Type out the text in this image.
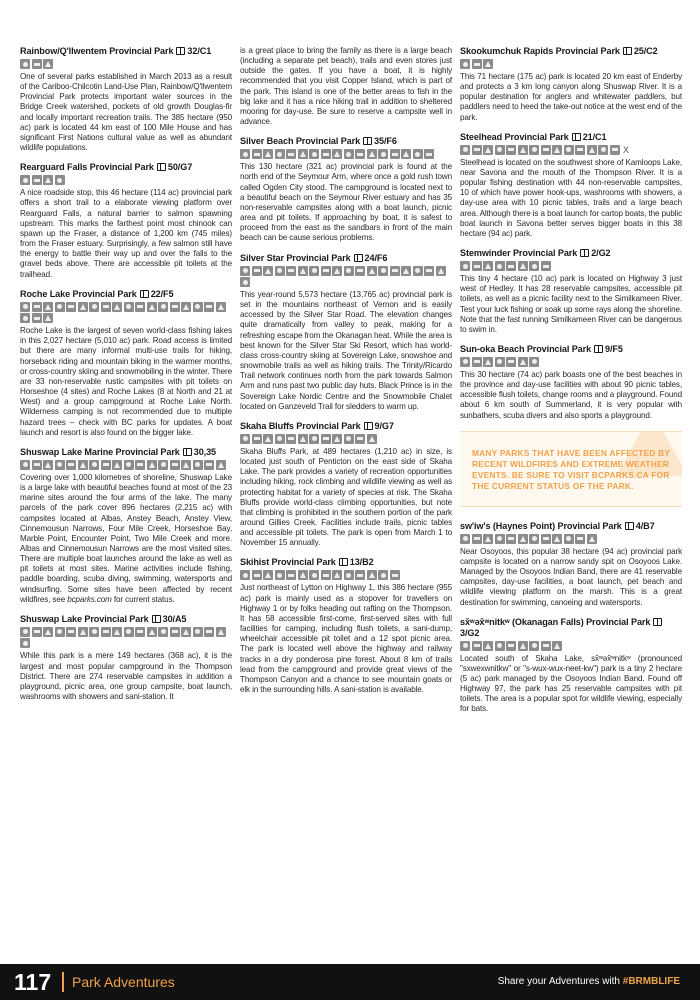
Rainbow/Q'llwentem Provincial Park 32/C1

One of several parks established in March 2013 as a result of the Cariboo-Chilcotin Land-Use Plan, Rainbow/Q'llwentem Provincial Park protects important water sources in the Bridge Creek watershed, pockets of old growth Douglas-fir and locally important recreation trails. The 385 hectare (950 ac) park is located 44 km east of 100 Mile House and has significant First Nations cultural value as well as abundant wildlife populations.

Rearguard Falls Provincial Park 50/G7

A nice roadside stop, this 46 hectare (114 ac) provincial park offers a short trail to a elaborate viewing platform over Rearguard Falls, a natural barrier to salmon spawning upstream. This marks the farthest point most chinook can spawn up the Fraser, a distance of 1,200 km (745 miles) from the Fraser estuary. Surprisingly, a few salmon still have the energy to battle their way up and over the falls to the gravel beds above. There are accessible pit toilets at the trailhead.

Roche Lake Provincial Park 22/F5

Roche Lake is the largest of seven world-class fishing lakes in this 2,027 hectare (5,010 ac) park. Road access is limited but there are many informal multi-use trails for hiking, horseback riding and mountain biking in the warmer months, or cross-country skiing and snowmobiling in the winter. There are 33 non-reservable rustic campsites with pit toilets on Horseshoe (4 sites) and Roche Lakes (8 at North and 21 at West) and a group campground at Roche Lake North. Wilderness camping is not recommended due to multiple hazard trees – check with BC parks for updates. A boat launch and resort is also found on the bigger lake.

Shuswap Lake Marine Provincial Park 30,35

Covering over 1,000 kilometres of shoreline, Shuswap Lake is a large lake with beautiful beaches found at most of the 23 marine sites around the four arms of the lake. The many parcels of the park cover 896 hectares (2,215 ac) with campsites located at Albas, Anstey Beach, Anstey View, Cinnemousun Narrows, Four Mile Creek, Horseshoe Bay, Marble Point, Encounter Point, Two Mile Creek and more. Albas and Cinnemousun Narrows are the most visited sites. There are multiple boat launches around the lake as well as pit toilets at most sites. Marine activities include fishing, paddle boarding, scuba diving, swimming, watersports and windsurfing. Some sites have been affected by recent wildfires, see bcparks.com for current status.

Shuswap Lake Provincial Park 30/A5

While this park is a mere 149 hectares (368 ac), it is the largest and most popular campground in the Thompson District. There are 274 reservable campsites in addition a playground, picnic area, one group campsite, boat launch, washrooms with showers and sani-station. It

is a great place to bring the family as there is a large beach (including a separate pet beach), trails and even stores just outside the gates. If you have a boat, it is highly recommended that you visit Copper Island, which is part of the park. This island is one of the better areas to fish in the big lake and it has a nice hiking trail in addition to sheltered mooring for day-use. Be sure to reserve a campsite well in advance.

Silver Beach Provincial Park 35/F6

This 130 hectare (321 ac) provincial park is found at the north end of the Seymour Arm, where once a gold rush town called Ogden City stood. The campground is located next to a beautiful beach on the Seymour River estuary and has 35 non-reservable campsites along with a boat launch, picnic area and pit toilets. If approaching by boat, it is safest to proceed from the east as the sandbars in front of the main beach can be cause serious problems.

Silver Star Provincial Park 24/F6

This year-round 5,573 hectare (13,765 ac) provincial park is set in the mountains northeast of Vernon and is easily accessed by the Silver Star Road. The elevation changes quite dramatically from valley to peak, making for a refreshing escape from the Okanagan heat. While the area is best known for the Silver Star Ski Resort, which has world-class cross-country skiing at Sovereign Lake, snowshoe and snowmobile trails as well as hiking trails. The Trinity/Ricardo Trail network continues north from the park towards Salmon Arm and runs past two public day huts. Black Prince is in the Sovereign Lake Nordic Centre and the Snowmobile Chalet located on Ganzeveld Trail for sledders to warm up.

Skaha Bluffs Provincial Park 9/G7

Skaha Bluffs Park, at 489 hectares (1,210 ac) in size, is located just south of Penticton on the east side of Skaha Lake. The park provides a variety of recreation opportunities including hiking, rock climbing and wildlife viewing as well as protecting habitat for a variety of species at risk. The Skaha Bluffs provide world-class climbing opportunities, but note that climbing is prohibited in the southern portion of the park around Gillies Creek. Facilities include trails, picnic tables and accessible pit toilets. The park is open from March 1 to November 15 annually.

Skihist Provincial Park 13/B2

Just northeast of Lytton on Highway 1, this 386 hectare (955 ac) park is mainly used as a stopover for travellers on Highway 1 or by folks heading out rafting on the Thompson. It has 58 accessible first-come, first-served sites with full facilities for camping, including flush toilets, a sani-dump, wheelchair accessible pit toilet and a 12 spot picnic area. The park is located well above the highway and railway tracks in a dry ponderosa pine forest. About 8 km of trails lead from the campground and provide great views of the Thompson Canyon and a chance to see mountain goats or elk in the surrounding hills. A sani-station is available.

Skookumchuk Rapids Provincial Park 25/C2

This 71 hectare (175 ac) park is located 20 km east of Enderby and protects a 3 km long canyon along Shuswap River. It is a popular destination for anglers and whitewater paddlers, but paddlers need to heed the take-out notice at the west end of the park.

Steelhead Provincial Park 21/C1
X

Steelhead is located on the southwest shore of Kamloops Lake, near Savona and the mouth of the Thompson River. It is a popular fishing destination with 44 non-reservable campsites, 10 of which have power hook-ups, washrooms with showers, a day-use area with 10 picnic tables, trails and a large beach area. Although there is a boat launch for cartop boats, the public boat launch in Savona better serves bigger boats in this 38 hectare (94 ac) park.

Stemwinder Provincial Park 2/G2

This tiny 4 hectare (10 ac) park is located on Highway 3 just west of Hedley. It has 28 reservable campsites, accessible pit toilets, as well as a picnic facility next to the Similkameen River. Test your luck fishing or soak up some rays along the shoreline. Note that the fast running Similkameen River can be dangerous to swim in.

Sun-oka Beach Provincial Park 9/F5

This 30 hectare (74 ac) park boasts one of the best beaches in the province and day-use facilities with about 90 picnic tables, accessible flush toilets, change rooms and a playground. Found about 6 km south of Summerland, it is very popular with sunbathers, scuba divers and also sports a playground.

MANY PARKS THAT HAVE BEEN AFFECTED BY RECENT WILDFIRES AND EXTREME WEATHER EVENTS. BE SURE TO VISIT BCPARKS.CA FOR THE CURRENT STATUS OF THE PARK.

sw'iw's (Haynes Point) Provincial Park 4/B7

Near Osoyoos, this popular 38 hectare (94 ac) provincial park campsite is located on a narrow sandy spit on Osoyoos Lake. Managed by the Osoyoos Indian Band, there are 41 reservable campsites, day-use facilities, a boat launch, pet beach and wildlife viewing platform on the marsh. This is a great destination for swimming, canoeing and watersports.

sx̌ʷəx̌ʷnitkʷ (Okanagan Falls) Provincial Park3/G2

Located south of Skaha Lake, sx̌ʷəx̌ʷnitkʷ (pronounced "sxwexwnitkw" or "s-wux-wux-neet-kw") park is a tiny 2 hectare (5 ac) park managed by the Osoyoos Indian Band. Found off Highway 97, the park has 25 reservable campsites with pit toilets. The area is a popular spot for wildlife viewing, especially for bats.

117 Park Adventures	Share your Adventures with #BRMBLIFE
